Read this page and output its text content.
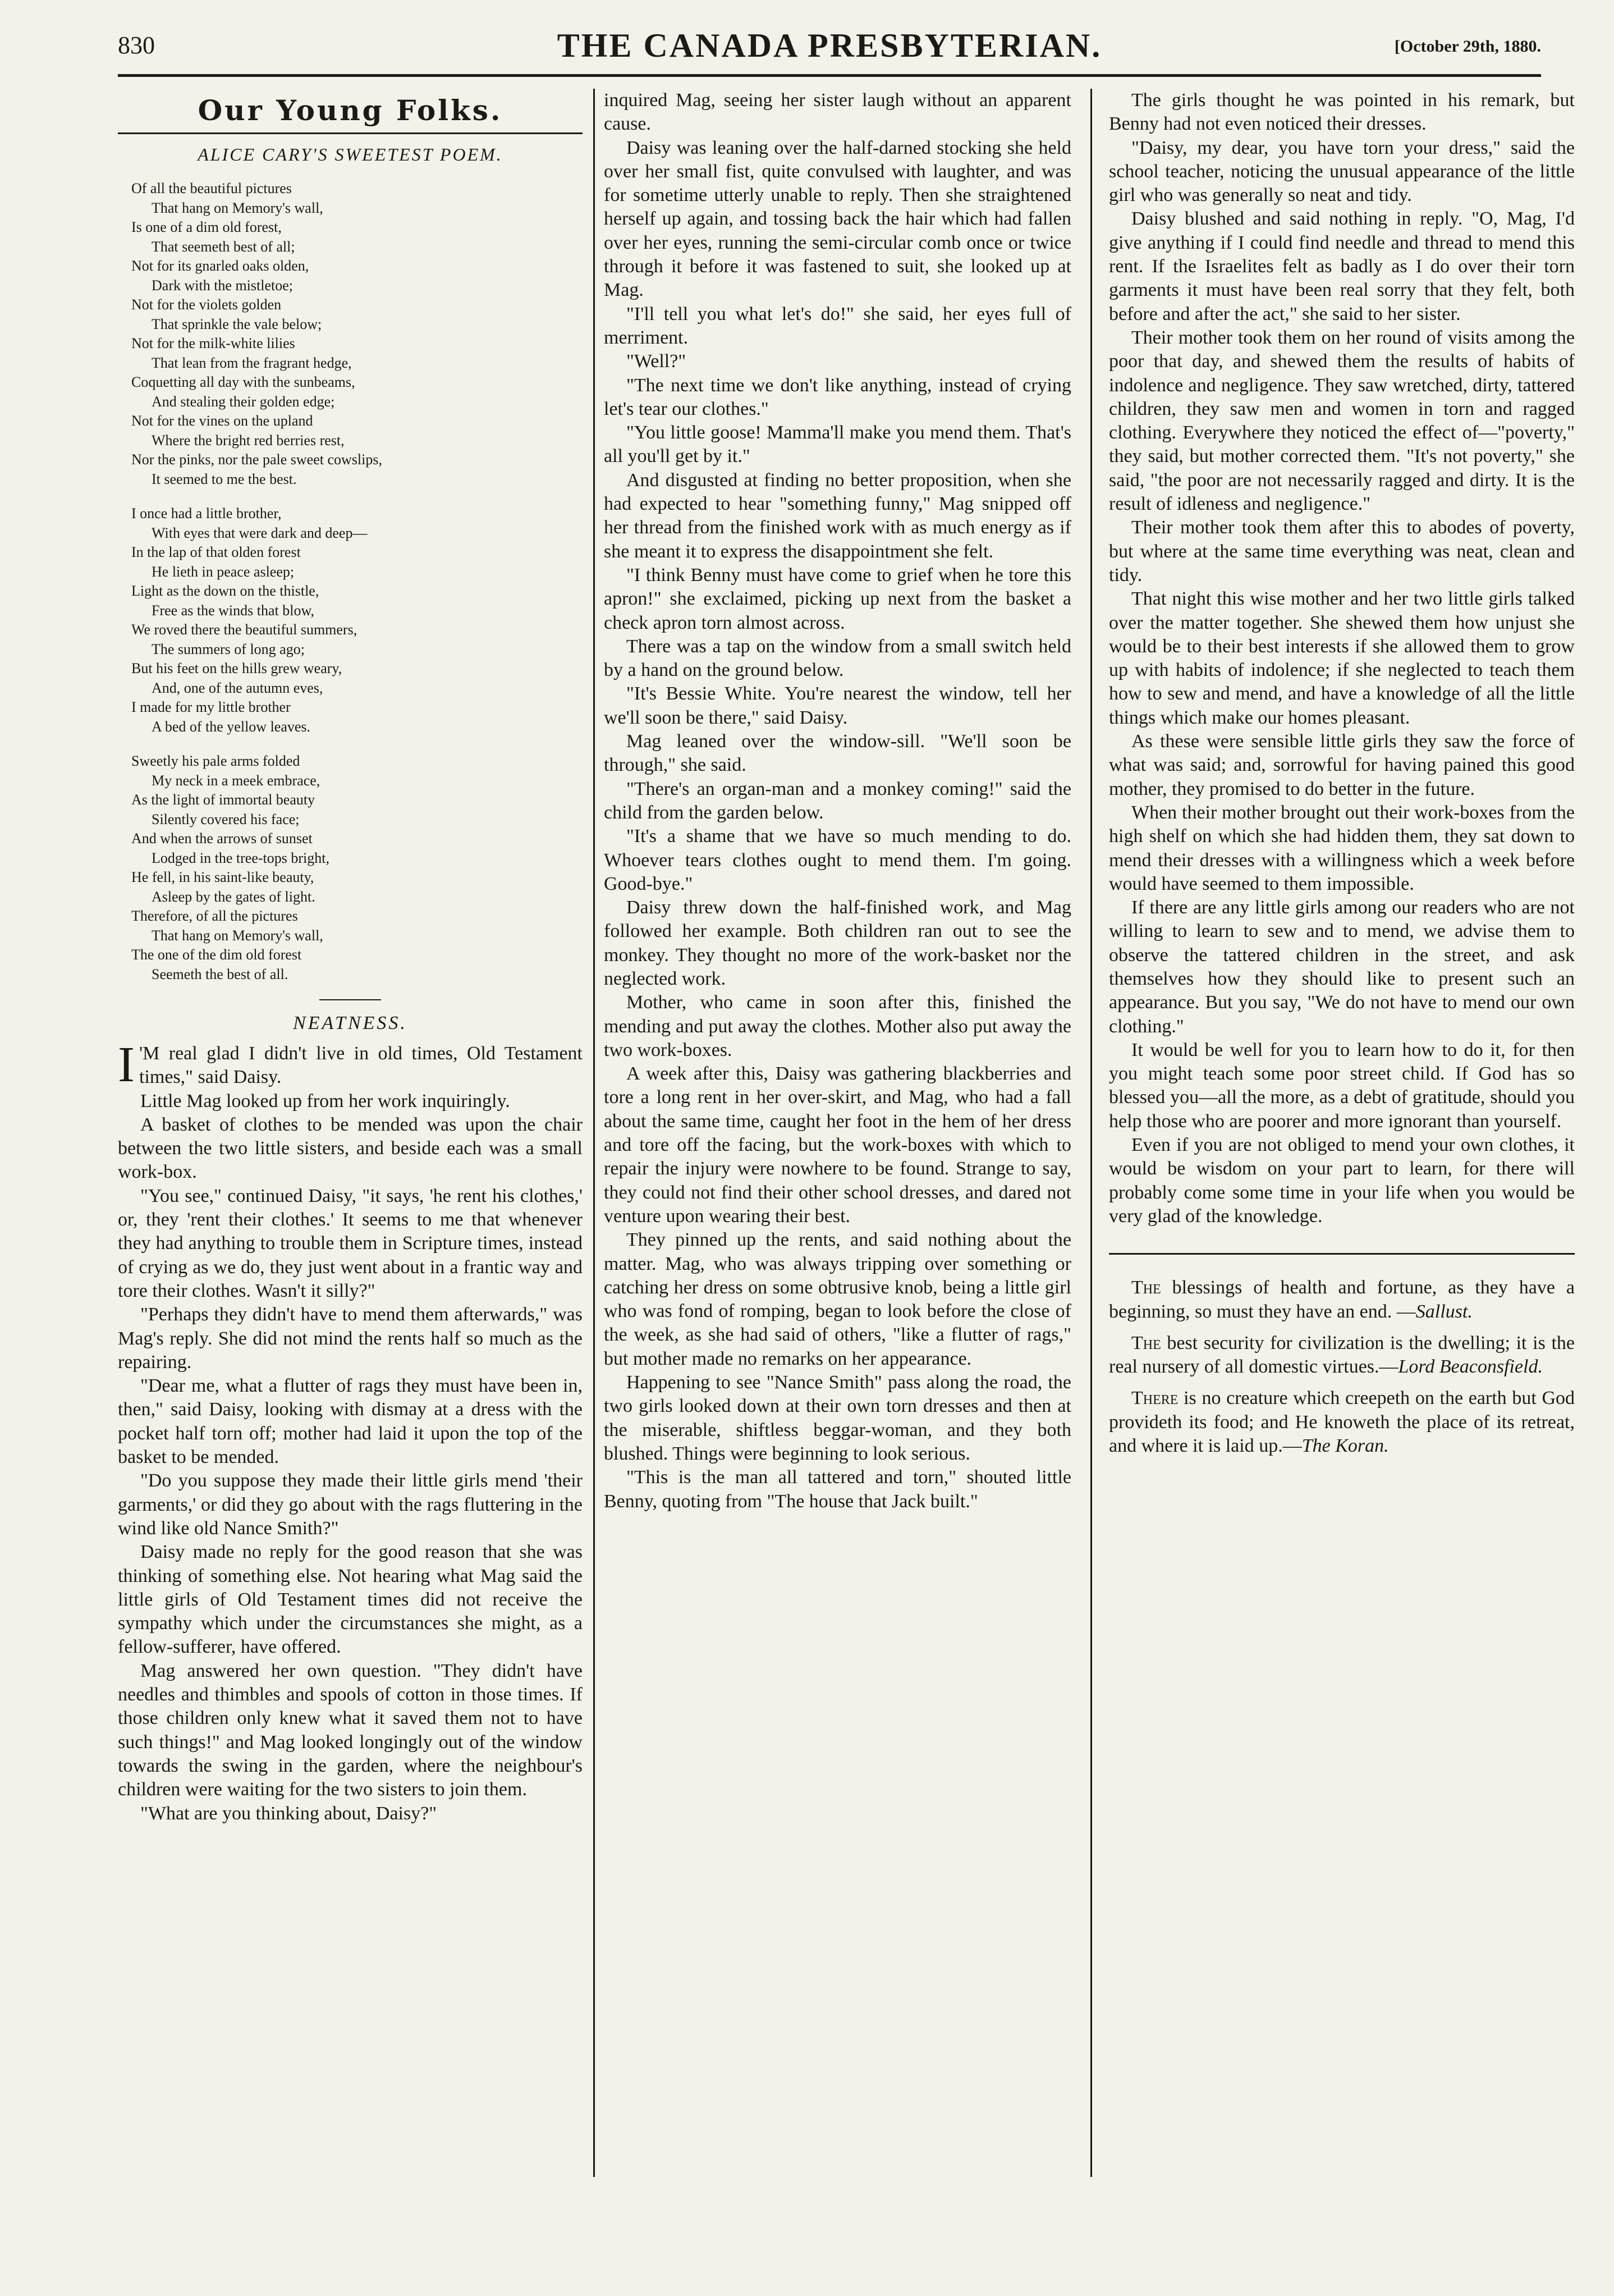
830	THE CANADA PRESBYTERIAN.	[October 29th, 1880.
Our Young Folks.
ALICE CARY'S SWEETEST POEM.
Of all the beautiful pictures
That hang on Memory's wall,
Is one of a dim old forest,
That seemeth best of all;
Not for its gnarled oaks olden,
Dark with the mistletoe;
Not for the violets golden
That sprinkle the vale below;
Not for the milk-white lilies
That lean from the fragrant hedge,
Coquetting all day with the sunbeams,
And stealing their golden edge;
Not for the vines on the upland
Where the bright red berries rest,
Nor the pinks, nor the pale sweet cowslips,
It seemed to me the best.
I once had a little brother,
With eyes that were dark and deep—
In the lap of that olden forest
He lieth in peace asleep;
Light as the down on the thistle,
Free as the winds that blow,
We roved there the beautiful summers,
The summers of long ago;
But his feet on the hills grew weary,
And, one of the autumn eves,
I made for my little brother
A bed of the yellow leaves.
Sweetly his pale arms folded
My neck in a meek embrace,
As the light of immortal beauty
Silently covered his face;
And when the arrows of sunset
Lodged in the tree-tops bright,
He fell, in his saint-like beauty,
Asleep by the gates of light.
Therefore, of all the pictures
That hang on Memory's wall,
The one of the dim old forest
Seemeth the best of all.
NEATNESS.

I 'M real glad I didn't live in old times, Old Testament times," said Daisy.

Little Mag looked up from her work inquiringly.

A basket of clothes to be mended was upon the chair between the two little sisters, and beside each was a small work-box.

"You see," continued Daisy, "it says, 'he rent his clothes,' or, they 'rent their clothes.' It seems to me that whenever they had anything to trouble them in Scripture times, instead of crying as we do, they just went about in a frantic way and tore their clothes. Wasn't it silly?"

"Perhaps they didn't have to mend them afterwards," was Mag's reply. She did not mind the rents half so much as the repairing.

"Dear me, what a flutter of rags they must have been in, then," said Daisy, looking with dismay at a dress with the pocket half torn off; mother had laid it upon the top of the basket to be mended.

"Do you suppose they made their little girls mend 'their garments,' or did they go about with the rags fluttering in the wind like old Nance Smith?"

Daisy made no reply for the good reason that she was thinking of something else. Not hearing what Mag said the little girls of Old Testament times did not receive the sympathy which under the circumstances she might, as a fellow-sufferer, have offered.

Mag answered her own question. "They didn't have needles and thimbles and spools of cotton in those times. If those children only knew what it saved them not to have such things!" and Mag looked longingly out of the window towards the swing in the garden, where the neighbour's children were waiting for the two sisters to join them.

"What are you thinking about, Daisy?"

inquired Mag, seeing her sister laugh without an apparent cause.

Daisy was leaning over the half-darned stocking she held over her small fist, quite convulsed with laughter, and was for sometime utterly unable to reply. Then she straightened herself up again, and tossing back the hair which had fallen over her eyes, running the semi-circular comb once or twice through it before it was fastened to suit, she looked up at Mag.

"I'll tell you what let's do!" she said, her eyes full of merriment.

"Well?"

"The next time we don't like anything, instead of crying let's tear our clothes."

"You little goose! Mamma'll make you mend them. That's all you'll get by it."

And disgusted at finding no better proposition, when she had expected to hear "something funny," Mag snipped off her thread from the finished work with as much energy as if she meant it to express the disappointment she felt.

"I think Benny must have come to grief when he tore this apron!" she exclaimed, picking up next from the basket a check apron torn almost across.

There was a tap on the window from a small switch held by a hand on the ground below.

"It's Bessie White. You're nearest the window, tell her we'll soon be there," said Daisy.

Mag leaned over the window-sill. "We'll soon be through," she said.

"There's an organ-man and a monkey coming!" said the child from the garden below.

"It's a shame that we have so much mending to do. Whoever tears clothes ought to mend them. I'm going. Good-bye."

Daisy threw down the half-finished work, and Mag followed her example. Both children ran out to see the monkey. They thought no more of the work-basket nor the neglected work.

Mother, who came in soon after this, finished the mending and put away the clothes. Mother also put away the two work-boxes.

A week after this, Daisy was gathering blackberries and tore a long rent in her over-skirt, and Mag, who had a fall about the same time, caught her foot in the hem of her dress and tore off the facing, but the work-boxes with which to repair the injury were nowhere to be found. Strange to say, they could not find their other school dresses, and dared not venture upon wearing their best.

They pinned up the rents, and said nothing about the matter. Mag, who was always tripping over something or catching her dress on some obtrusive knob, being a little girl who was fond of romping, began to look before the close of the week, as she had said of others, "like a flutter of rags," but mother made no remarks on her appearance.

Happening to see "Nance Smith" pass along the road, the two girls looked down at their own torn dresses and then at the miserable, shiftless beggar-woman, and they both blushed. Things were beginning to look serious.

"This is the man all tattered and torn," shouted little Benny, quoting from "The house that Jack built."

The girls thought he was pointed in his remark, but Benny had not even noticed their dresses.

"Daisy, my dear, you have torn your dress," said the school teacher, noticing the unusual appearance of the little girl who was generally so neat and tidy.

Daisy blushed and said nothing in reply. "O, Mag, I'd give anything if I could find needle and thread to mend this rent. If the Israelites felt as badly as I do over their torn garments it must have been real sorry that they felt, both before and after the act," she said to her sister.

Their mother took them on her round of visits among the poor that day, and shewed them the results of habits of indolence and negligence. They saw wretched, dirty, tattered children, they saw men and women in torn and ragged clothing. Everywhere they noticed the effect of—"poverty," they said, but mother corrected them. "It's not poverty," she said, "the poor are not necessarily ragged and dirty. It is the result of idleness and negligence."

Their mother took them after this to abodes of poverty, but where at the same time everything was neat, clean and tidy.

That night this wise mother and her two little girls talked over the matter together. She shewed them how unjust she would be to their best interests if she allowed them to grow up with habits of indolence; if she neglected to teach them how to sew and mend, and have a knowledge of all the little things which make our homes pleasant.

As these were sensible little girls they saw the force of what was said; and, sorrowful for having pained this good mother, they promised to do better in the future.

When their mother brought out their work-boxes from the high shelf on which she had hidden them, they sat down to mend their dresses with a willingness which a week before would have seemed to them impossible.

If there are any little girls among our readers who are not willing to learn to sew and to mend, we advise them to observe the tattered children in the street, and ask themselves how they should like to present such an appearance. But you say, "We do not have to mend our own clothing."

It would be well for you to learn how to do it, for then you might teach some poor street child. If God has so blessed you—all the more, as a debt of gratitude, should you help those who are poorer and more ignorant than yourself.

Even if you are not obliged to mend your own clothes, it would be wisdom on your part to learn, for there will probably come some time in your life when you would be very glad of the knowledge.

The blessings of health and fortune, as they have a beginning, so must they have an end. —Sallust.

The best security for civilization is the dwelling; it is the real nursery of all domestic virtues.—Lord Beaconsfield.

There is no creature which creepeth on the earth but God provideth its food; and He knoweth the place of its retreat, and where it is laid up.—The Koran.
